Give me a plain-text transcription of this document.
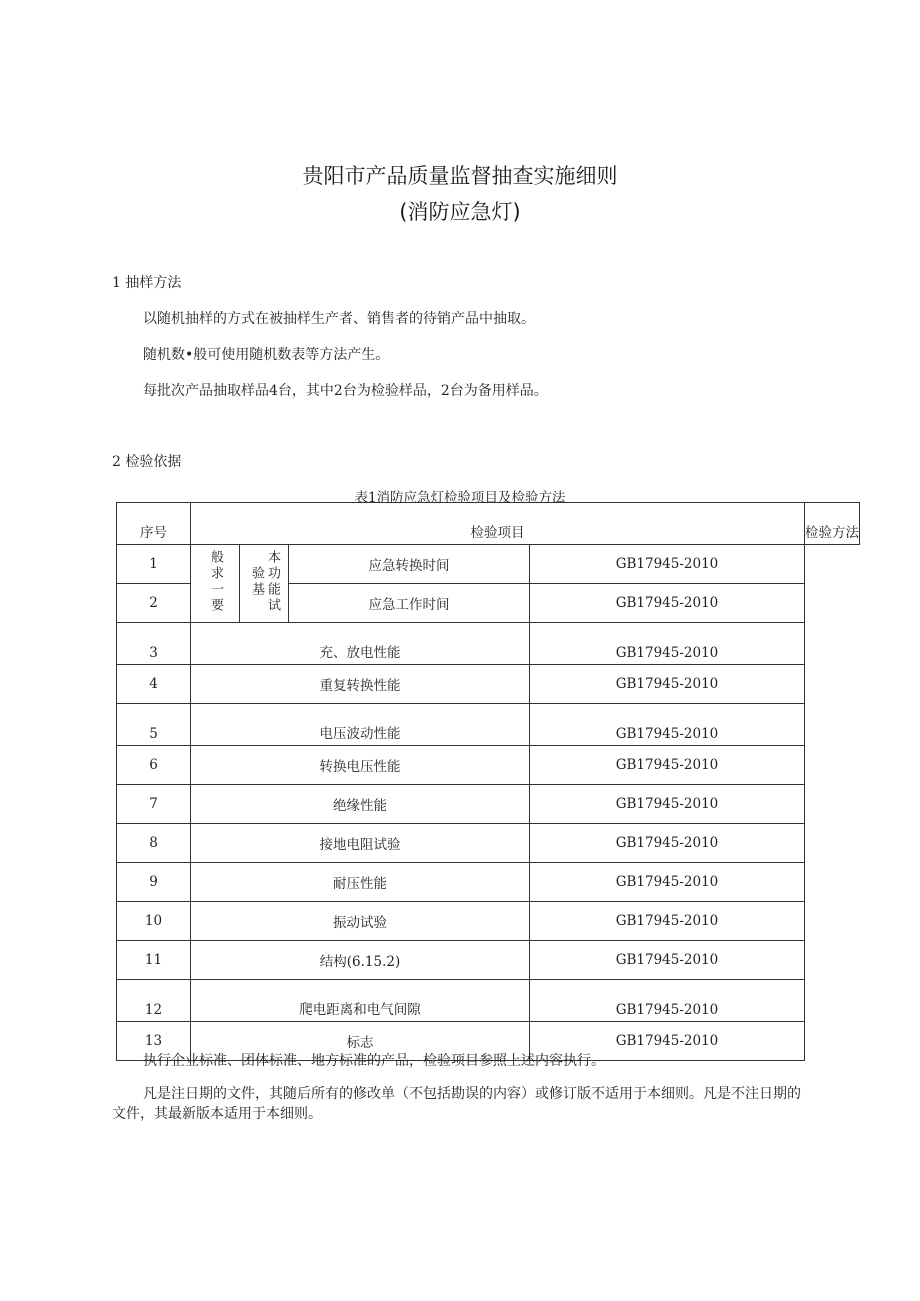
贵阳市产品质量监督抽查实施细则
(消防应急灯)
1 抽样方法
以随机抽样的方式在被抽样生产者、销售者的待销产品中抽取。
随机数•般可使用随机数表等方法产生。
每批次产品抽取样品4台，其中2台为检验样品，2台为备用样品。
2 检验依据
表1消防应急灯检验项目及检验方法
序号	检验项目				检验方法
1	般求一要	本功能试验基	应急转换时间	GB17945-2010	
2			应急工作时间	GB17945-2010	
3	充、放电性能			GB17945-2010	
4	重复转换性能			GB17945-2010	
5	电压波动性能			GB17945-2010	
6	转换电压性能			GB17945-2010	
7	绝缘性能			GB17945-2010	
8	接地电阻试验			GB17945-2010	
9	耐压性能			GB17945-2010	
10	振动试验			GB17945-2010	
11	结构(6.15.2)			GB17945-2010	
12	爬电距离和电气间隙			GB17945-2010	
13	标志			GB17945-2010	
执行企业标准、团体标准、地方标准的产品，检验项目参照上述内容执行。
凡是注日期的文件，其随后所有的修改单（不包括勘误的内容）或修订版不适用于本细则。凡是不注日期的文件，其最新版本适用于本细则。
